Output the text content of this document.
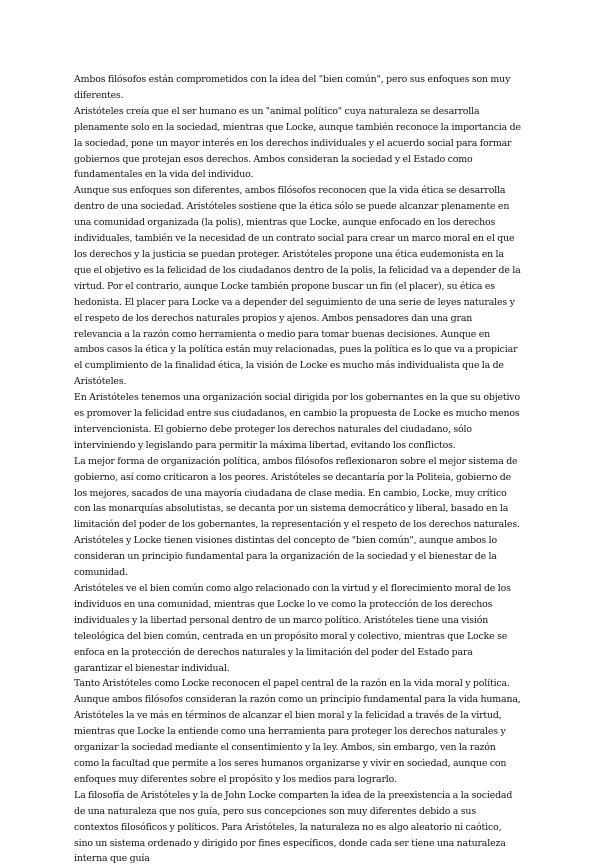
Ambos filósofos están comprometidos con la idea del "bien común", pero sus enfoques son muy diferentes.

Aristóteles creía que el ser humano es un "animal político" cuya naturaleza se desarrolla plenamente solo en la sociedad, mientras que Locke, aunque también reconoce la importancia de la sociedad, pone un mayor interés en los derechos individuales y el acuerdo social para formar gobiernos que protejan esos derechos. Ambos consideran la sociedad y el Estado como fundamentales en la vida del individuo.

Aunque sus enfoques son diferentes, ambos filósofos reconocen que la vida ética se desarrolla dentro de una sociedad. Aristóteles sostiene que la ética sólo se puede alcanzar plenamente en una comunidad organizada (la polis), mientras que Locke, aunque enfocado en los derechos individuales, también ve la necesidad de un contrato social para crear un marco moral en el que los derechos y la justicia se puedan proteger. Aristóteles propone una ética eudemonista en la que el objetivo es la felicidad de los ciudadanos dentro de la polis, la felicidad va a depender de la virtud. Por el contrario, aunque Locke también propone buscar un fin (el placer), su ética es hedonista. El placer para Locke va a depender del seguimiento de una serie de leyes naturales y el respeto de los derechos naturales propios y ajenos. Ambos pensadores dan una gran relevancia a la razón como herramienta o medio para tomar buenas decisiones. Aunque en ambos casos la ética y la política están muy relacionadas, pues la política es lo que va a propiciar el cumplimiento de la finalidad ética, la visión de Locke es mucho más individualista que la de Aristóteles.

En Aristóteles tenemos una organización social dirigida por los gobernantes en la que su objetivo es promover la felicidad entre sus ciudadanos, en cambio la propuesta de Locke es mucho menos intervencionista. El gobierno debe proteger los derechos naturales del ciudadano, sólo interviniendo y legislando para permitir la máxima libertad, evitando los conflictos.

La mejor forma de organización política, ambos filósofos reflexionaron sobre el mejor sistema de gobierno, así como criticaron a los peores. Aristóteles se decantaría por la Politeia, gobierno de los mejores, sacados de una mayoría ciudadana de clase media. En cambio, Locke, muy crítico con las monarquías absolutistas, se decanta por un sistema democrático y liberal, basado en la limitación del poder de los gobernantes, la representación y el respeto de los derechos naturales.

Aristóteles y Locke tienen visiones distintas del concepto de "bien común", aunque ambos lo consideran un principio fundamental para la organización de la sociedad y el bienestar de la comunidad.

Aristóteles ve el bien común como algo relacionado con la virtud y el florecimiento moral de los individuos en una comunidad, mientras que Locke lo ve como la protección de los derechos individuales y la libertad personal dentro de un marco político. Aristóteles tiene una visión teleológica del bien común, centrada en un propósito moral y colectivo, mientras que Locke se enfoca en la protección de derechos naturales y la limitación del poder del Estado para garantizar el bienestar individual.

Tanto Aristóteles como Locke reconocen el papel central de la razón en la vida moral y política.

Aunque ambos filósofos consideran la razón como un principio fundamental para la vida humana, Aristóteles la ve más en términos de alcanzar el bien moral y la felicidad a través de la virtud, mientras que Locke la entiende como una herramienta para proteger los derechos naturales y organizar la sociedad mediante el consentimiento y la ley. Ambos, sin embargo, ven la razón como la facultad que permite a los seres humanos organizarse y vivir en sociedad, aunque con enfoques muy diferentes sobre el propósito y los medios para lograrlo.

La filosofía de Aristóteles y la de John Locke comparten la idea de la preexistencia a la sociedad de una naturaleza que nos guía, pero sus concepciones son muy diferentes debido a sus contextos filosóficos y políticos. Para Aristóteles, la naturaleza no es algo aleatorio ni caótico, sino un sistema ordenado y dirigido por fines específicos, donde cada ser tiene una naturaleza interna que guía
